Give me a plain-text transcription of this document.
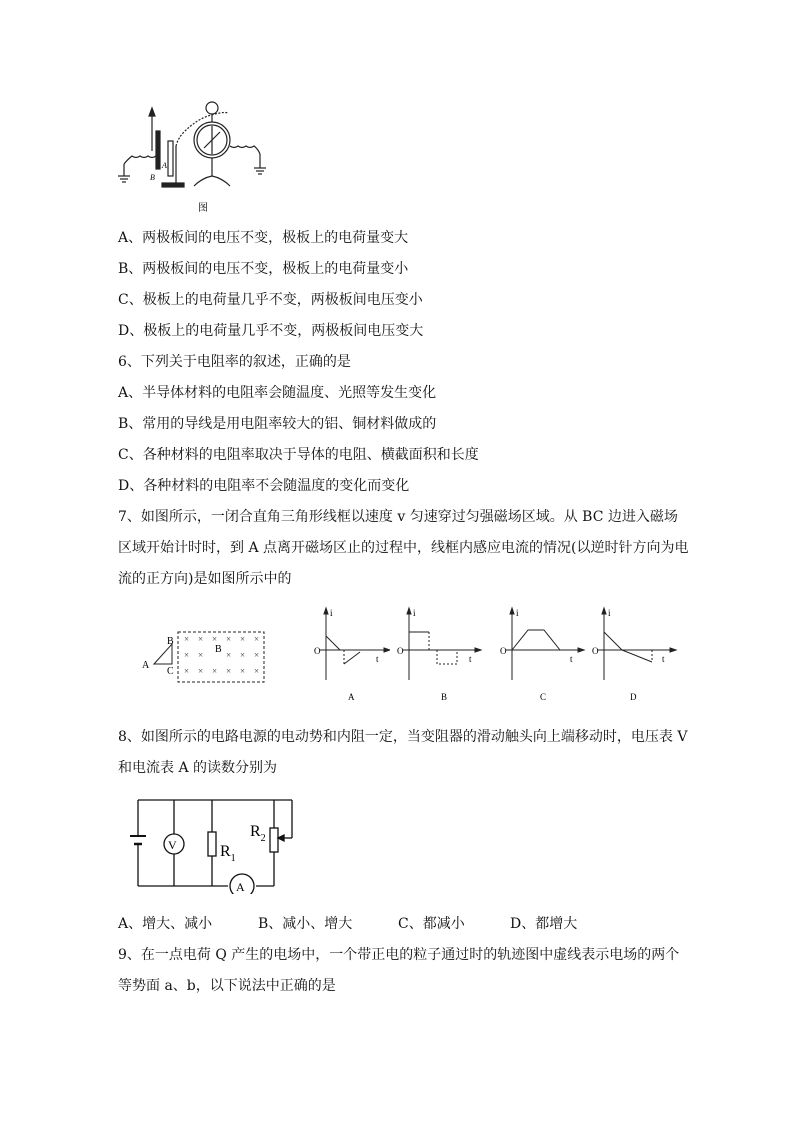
B
A
图
A、两极板间的电压不变，极板上的电荷量变大
B、两极板间的电压不变，极板上的电荷量变小
C、极板上的电荷量几乎不变，两极板间电压变小
D、极板上的电荷量几乎不变，两极板间电压变大
6、下列关于电阻率的叙述，正确的是
A、半导体材料的电阻率会随温度、光照等发生变化
B、常用的导线是用电阻率较大的铝、铜材料做成的
C、各种材料的电阻率取决于导体的电阻、横截面积和长度
D、各种材料的电阻率不会随温度的变化而变化
7、如图所示，一闭合直角三角形线框以速度 v 匀速穿过匀强磁场区域。从 BC 边进入磁场
区域开始计时时，到 A 点离开磁场区止的过程中，线框内感应电流的情况(以逆时针方向为电
流的正方向)是如图所示中的
× × × × × ×
× ×	× × ×
× × × × × ×
A
B
C
B
i
t
O
A
i
t
O
B
i
t
O
C
i
t
O
D
8、如图所示的电路电源的电动势和内阻一定，当变阻器的滑动触头向上端移动时，电压表 V
和电流表 A 的读数分别为
V
A
$R_1$
$R_2$
A、增大、减小	B、减小、增大	C、都减小	D、都增大
9、在一点电荷 Q 产生的电场中，一个带正电的粒子通过时的轨迹图中虚线表示电场的两个
等势面 a、b，以下说法中正确的是
